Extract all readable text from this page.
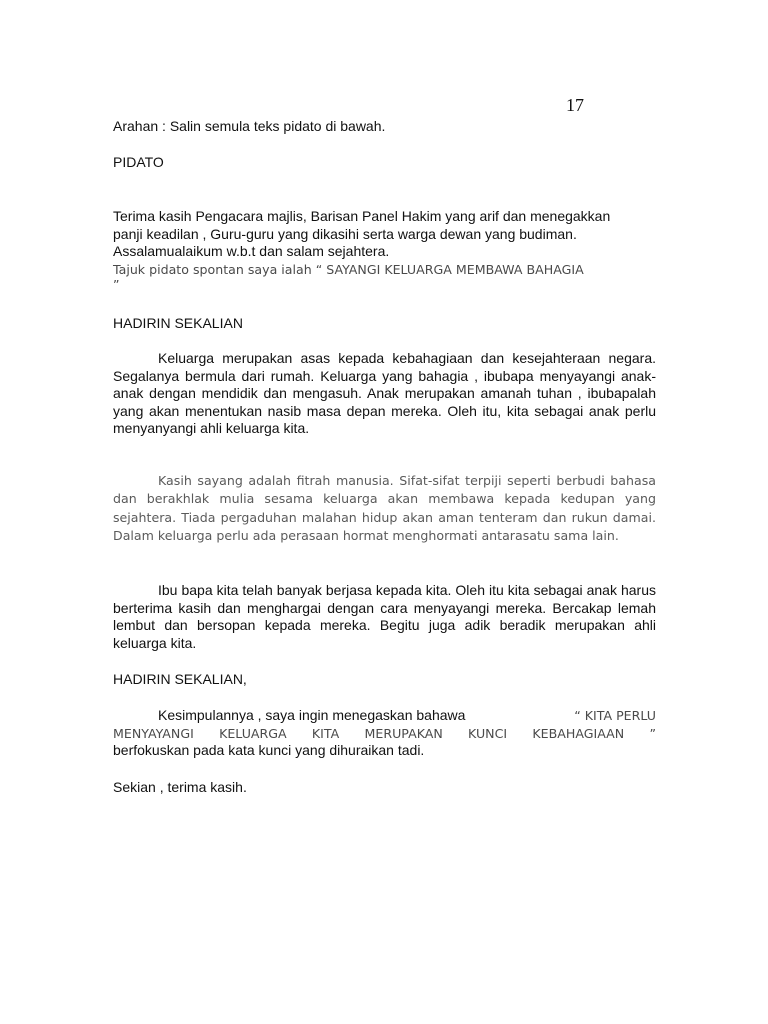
17

Arahan : Salin semula teks pidato di bawah.

PIDATO

Terima kasih Pengacara majlis, Barisan Panel Hakim yang arif dan menegakkan
panji keadilan , Guru-guru yang dikasihi serta warga dewan yang budiman.
Assalamualaikum w.b.t dan salam sejahtera.
Tajuk pidato spontan saya ialah “ SAYANGI KELUARGA MEMBAWA BAHAGIA
”

HADIRIN SEKALIAN

Keluarga merupakan asas kepada kebahagiaan dan kesejahteraan negara. Segalanya bermula dari rumah. Keluarga yang bahagia , ibubapa menyayangi anak-anak dengan mendidik dan mengasuh. Anak merupakan amanah tuhan , ibubapalah yang akan menentukan nasib masa depan mereka. Oleh itu, kita sebagai anak perlu menyanyangi ahli keluarga kita.

Kasih sayang adalah fitrah manusia. Sifat-sifat terpiji seperti berbudi bahasa dan berakhlak mulia sesama keluarga akan membawa kepada kedupan yang sejahtera. Tiada pergaduhan malahan hidup akan aman tenteram dan rukun damai. Dalam keluarga perlu ada perasaan hormat menghormati antarasatu sama lain.

Ibu bapa kita telah banyak berjasa kepada kita. Oleh itu kita sebagai anak harus berterima kasih dan menghargai dengan cara menyayangi mereka. Bercakap lemah lembut dan bersopan kepada mereka. Begitu juga adik beradik merupakan ahli keluarga kita.

HADIRIN SEKALIAN,

Kesimpulannya , saya ingin menegaskan bahawa	“ KITA PERLU
MENYAYANGI KELUARGA KITA MERUPAKAN KUNCI KEBAHAGIAAN ”
berfokuskan pada kata kunci yang dihuraikan tadi.

Sekian , terima kasih.
